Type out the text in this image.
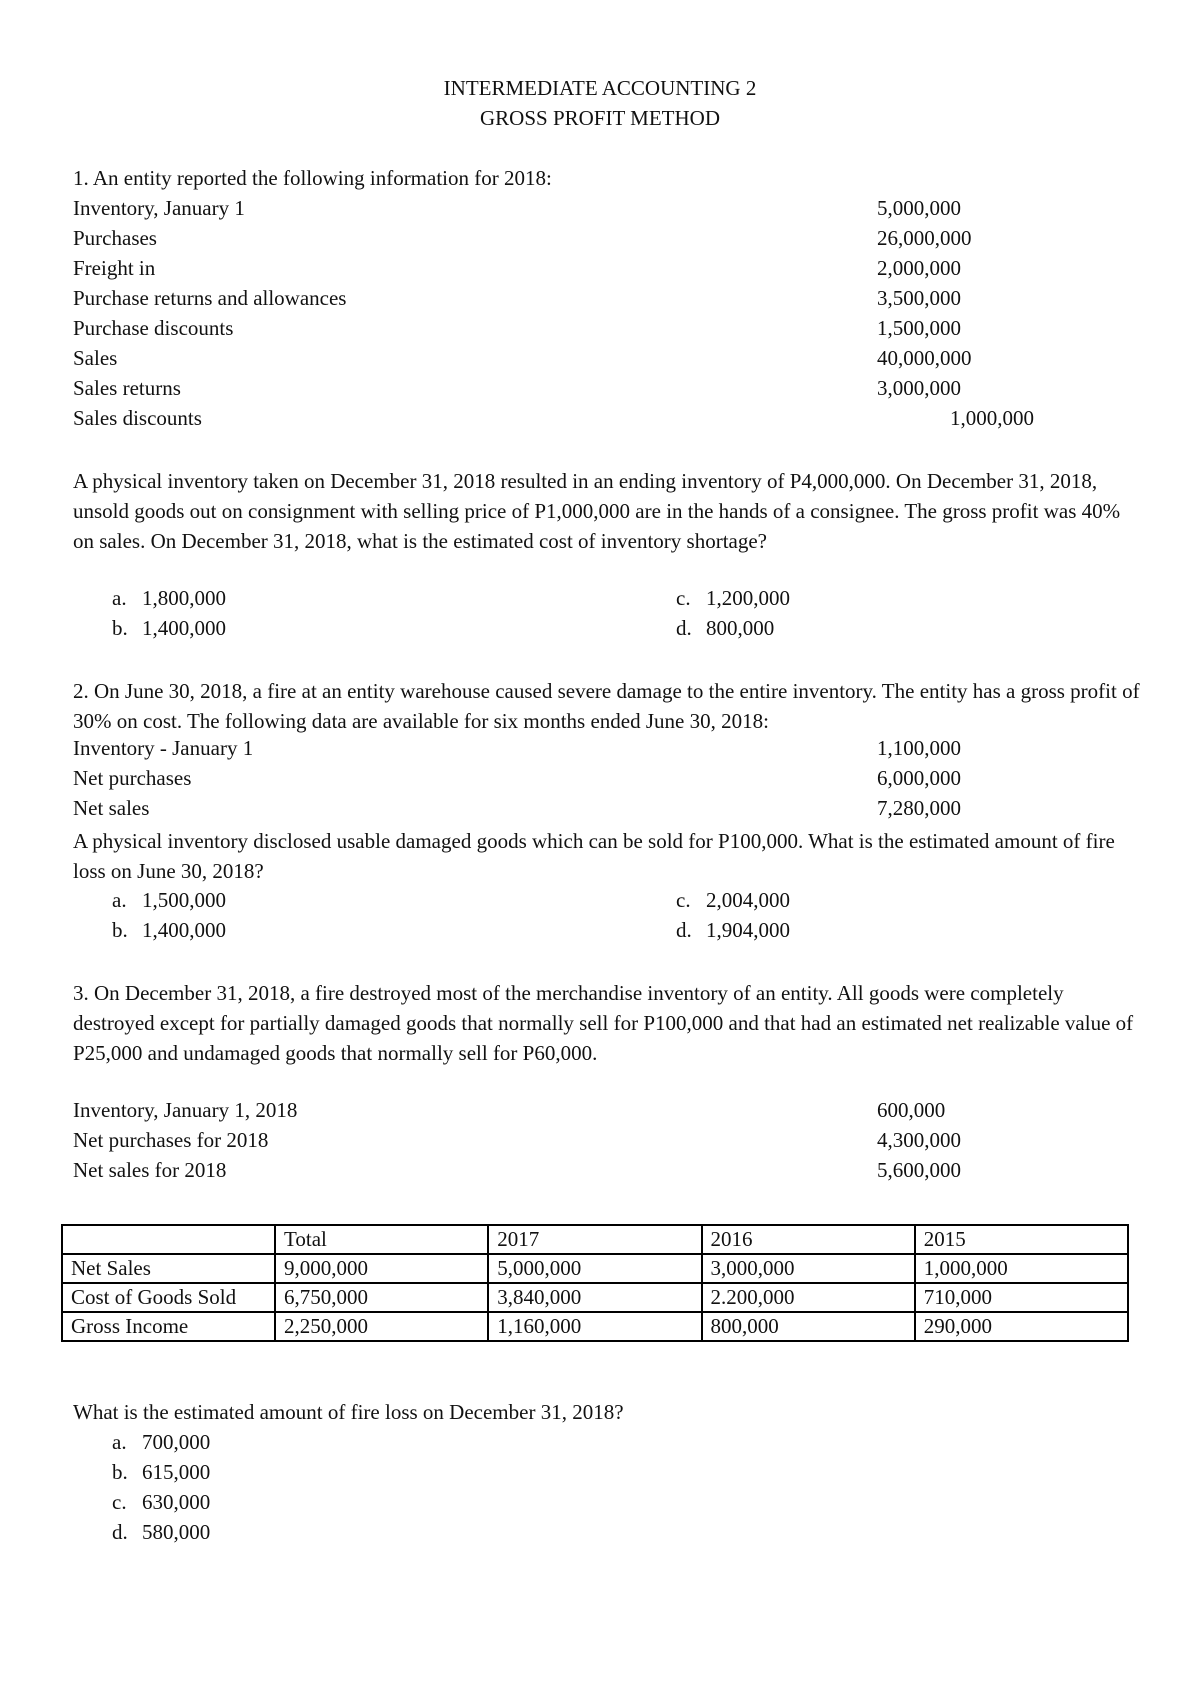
INTERMEDIATE ACCOUNTING 2
GROSS PROFIT METHOD
1. An entity reported the following information for 2018:
Inventory, January 1	5,000,000
Purchases	26,000,000
Freight in	2,000,000
Purchase returns and allowances	3,500,000
Purchase discounts	1,500,000
Sales	40,000,000
Sales returns	3,000,000
Sales discounts	1,000,000
A physical inventory taken on December 31, 2018 resulted in an ending inventory of P4,000,000. On December 31, 2018, unsold goods out on consignment with selling price of P1,000,000 are in the hands of a consignee. The gross profit was 40% on sales. On December 31, 2018, what is the estimated cost of inventory shortage?
a. 1,800,000
b. 1,400,000
c. 1,200,000
d. 800,000
2. On June 30, 2018, a fire at an entity warehouse caused severe damage to the entire inventory. The entity has a gross profit of 30% on cost. The following data are available for six months ended June 30, 2018:
Inventory - January 1	1,100,000
Net purchases	6,000,000
Net sales	7,280,000
A physical inventory disclosed usable damaged goods which can be sold for P100,000. What is the estimated amount of fire loss on June 30, 2018?
a. 1,500,000
b. 1,400,000
c. 2,004,000
d. 1,904,000
3. On December 31, 2018, a fire destroyed most of the merchandise inventory of an entity. All goods were completely destroyed except for partially damaged goods that normally sell for P100,000 and that had an estimated net realizable value of P25,000 and undamaged goods that normally sell for P60,000.
Inventory, January 1, 2018	600,000
Net purchases for 2018	4,300,000
Net sales for 2018	5,600,000
	Total	2017	2016	2015
Net Sales	9,000,000	5,000,000	3,000,000	1,000,000
Cost of Goods Sold	6,750,000	3,840,000	2.200,000	710,000
Gross Income	2,250,000	1,160,000	800,000	290,000
What is the estimated amount of fire loss on December 31, 2018?
a. 700,000
b. 615,000
c. 630,000
d. 580,000
